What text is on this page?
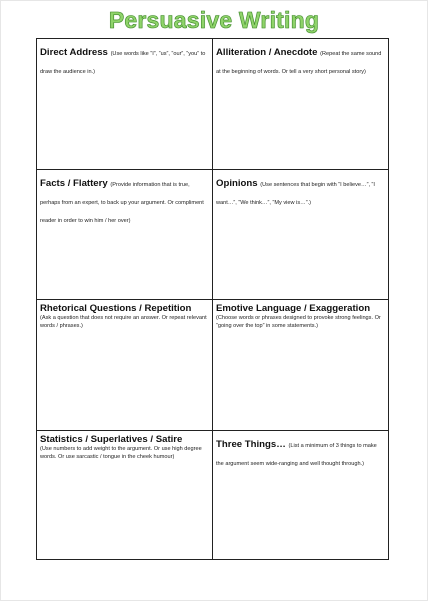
Persuasive Writing
Direct Address (Use words like “I”, “us”, “our”, “you” to draw the audience in.)
Alliteration / Anecdote (Repeat the same sound at the beginning of words. Or tell a very short personal story)
Facts / Flattery (Provide information that is true, perhaps from an expert, to back up your argument. Or compliment reader in order to win him / her over)
Opinions (Use sentences that begin with “I believe…”, “I want…”, “We think…”, “My view is…”.)
Rhetorical Questions / Repetition
(Ask a question that does not require an answer. Or repeat relevant words / phrases.)
Emotive Language / Exaggeration
(Choose words or phrases designed to provoke strong feelings. Or “going over the top” in some statements.)
Statistics / Superlatives / Satire
(Use numbers to add weight to the argument. Or use high degree words. Or use sarcastic / tongue in the cheek humour)
Three Things… (List a minimum of 3 things to make the argument seem wide-ranging and well thought through.)
